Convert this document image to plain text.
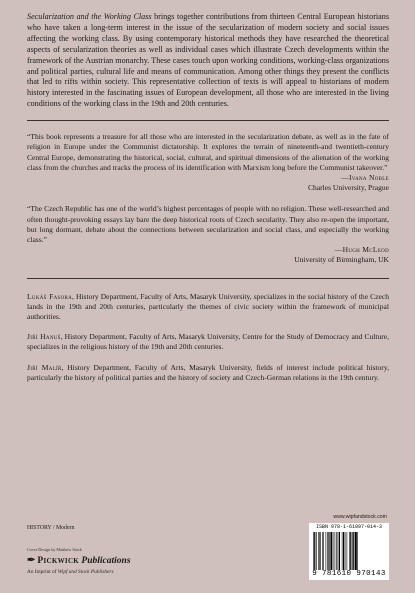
Secularization and the Working Class brings together contributions from thirteen Central European historians who have taken a long-term interest in the issue of the secularization of modern society and social issues affecting the working class. By using contemporary historical methods they have researched the theoretical aspects of secularization theories as well as individual cases which illustrate Czech developments within the framework of the Austrian monarchy. These cases touch upon working conditions, working-class organizations and political parties, cultural life and means of communication. Among other things they present the conflicts that led to rifts within society. This representative collection of texts is will appeal to historians of modern history interested in the fascinating issues of European development, all those who are interested in the living conditions of the working class in the 19th and 20th centuries.

“This book represents a treasure for all those who are interested in the secularization debate, as well as in the fate of religion in Europe under the Communist dictatorship. It explores the terrain of nineteenth-and twentieth-century Central Europe, demonstrating the historical, social, cultural, and spiritual dimensions of the alienation of the working class from the churches and tracks the process of its identification with Marxism long before the Communist takeover.”

—Ivana Noble
Charles University, Prague

“The Czech Republic has one of the world’s highest percentages of people with no religion. These well-researched and often thought-provoking essays lay bare the deep historical roots of Czech secularity. They also re-open the important, but long dormant, debate about the connections between secularization and social class, and especially the working class.”

—Hugh McLeod
University of Birmingham, UK

Lukáš Fasora, History Department, Faculty of Arts, Masaryk University, specializes in the social history of the Czech lands in the 19th and 20th centuries, particularly the themes of civic society within the framework of municipal authorities.

Jiří Hanuš, History Department, Faculty of Arts, Masaryk University, Centre for the Study of Democracy and Culture, specializes in the religious history of the 19th and 20th centuries.

Jiří Malíř, History Department, Faculty of Arts, Masaryk University, fields of interest include political history, particularly the history of political parties and the history of society and Czech-German relations in the 19th century.

HISTORY / Modern
Cover Design by Matthew Stock
✒ Pickwick Publications
An Imprint of Wipf and Stock Publishers
www.wipfandstock.com
ISBN 978-1-61097-014-3
9 781610 970143
